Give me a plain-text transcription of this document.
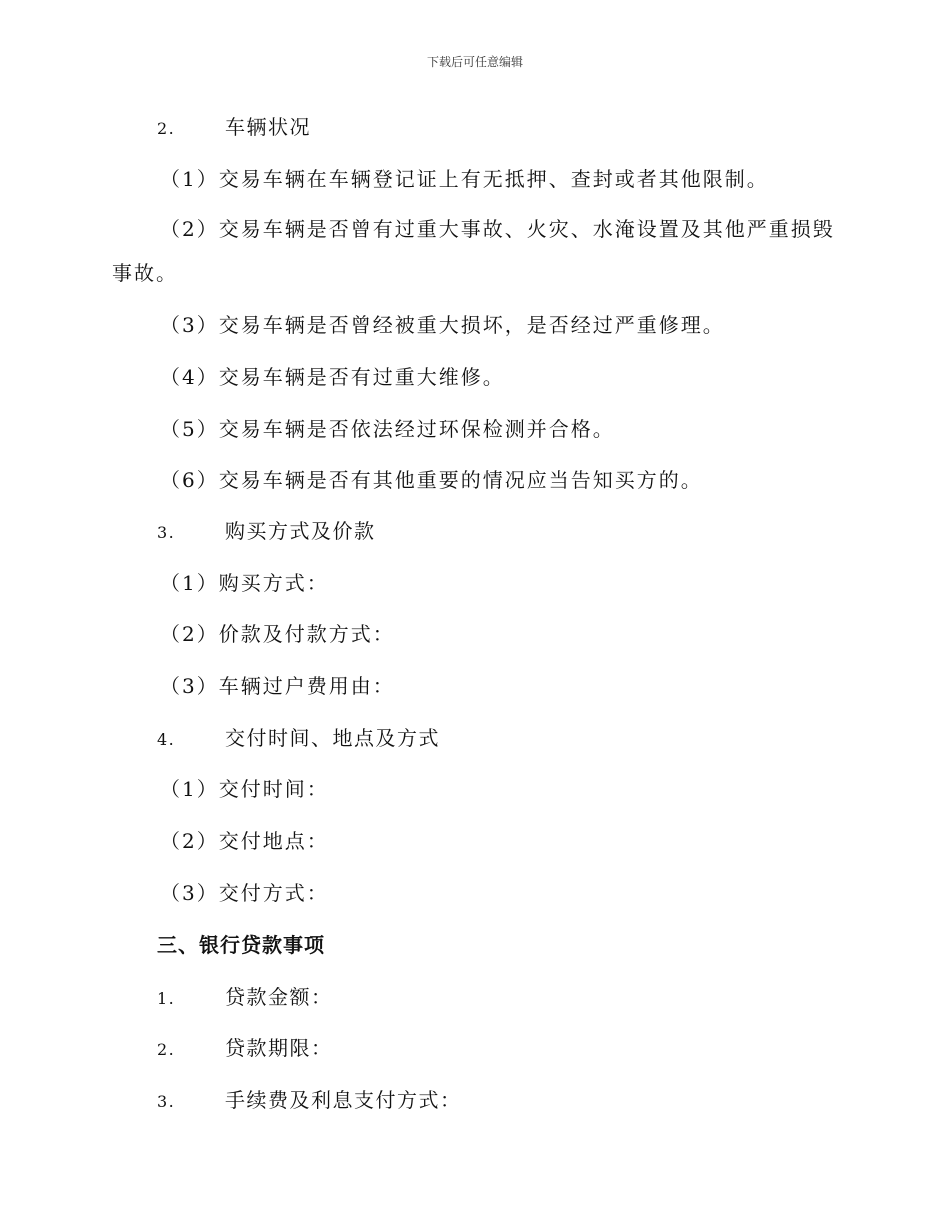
下载后可任意编辑
2. 车辆状况
（1）交易车辆在车辆登记证上有无抵押、查封或者其他限制。
（2）交易车辆是否曾有过重大事故、火灾、水淹设置及其他严重损毁
事故。
（3）交易车辆是否曾经被重大损坏，是否经过严重修理。
（4）交易车辆是否有过重大维修。
（5）交易车辆是否依法经过环保检测并合格。
（6）交易车辆是否有其他重要的情况应当告知买方的。
3. 购买方式及价款
（1）购买方式：
（2）价款及付款方式：
（3）车辆过户费用由：
4. 交付时间、地点及方式
（1）交付时间：
（2）交付地点：
（3）交付方式：
三、银行贷款事项
1. 贷款金额：
2. 贷款期限：
3. 手续费及利息支付方式：
